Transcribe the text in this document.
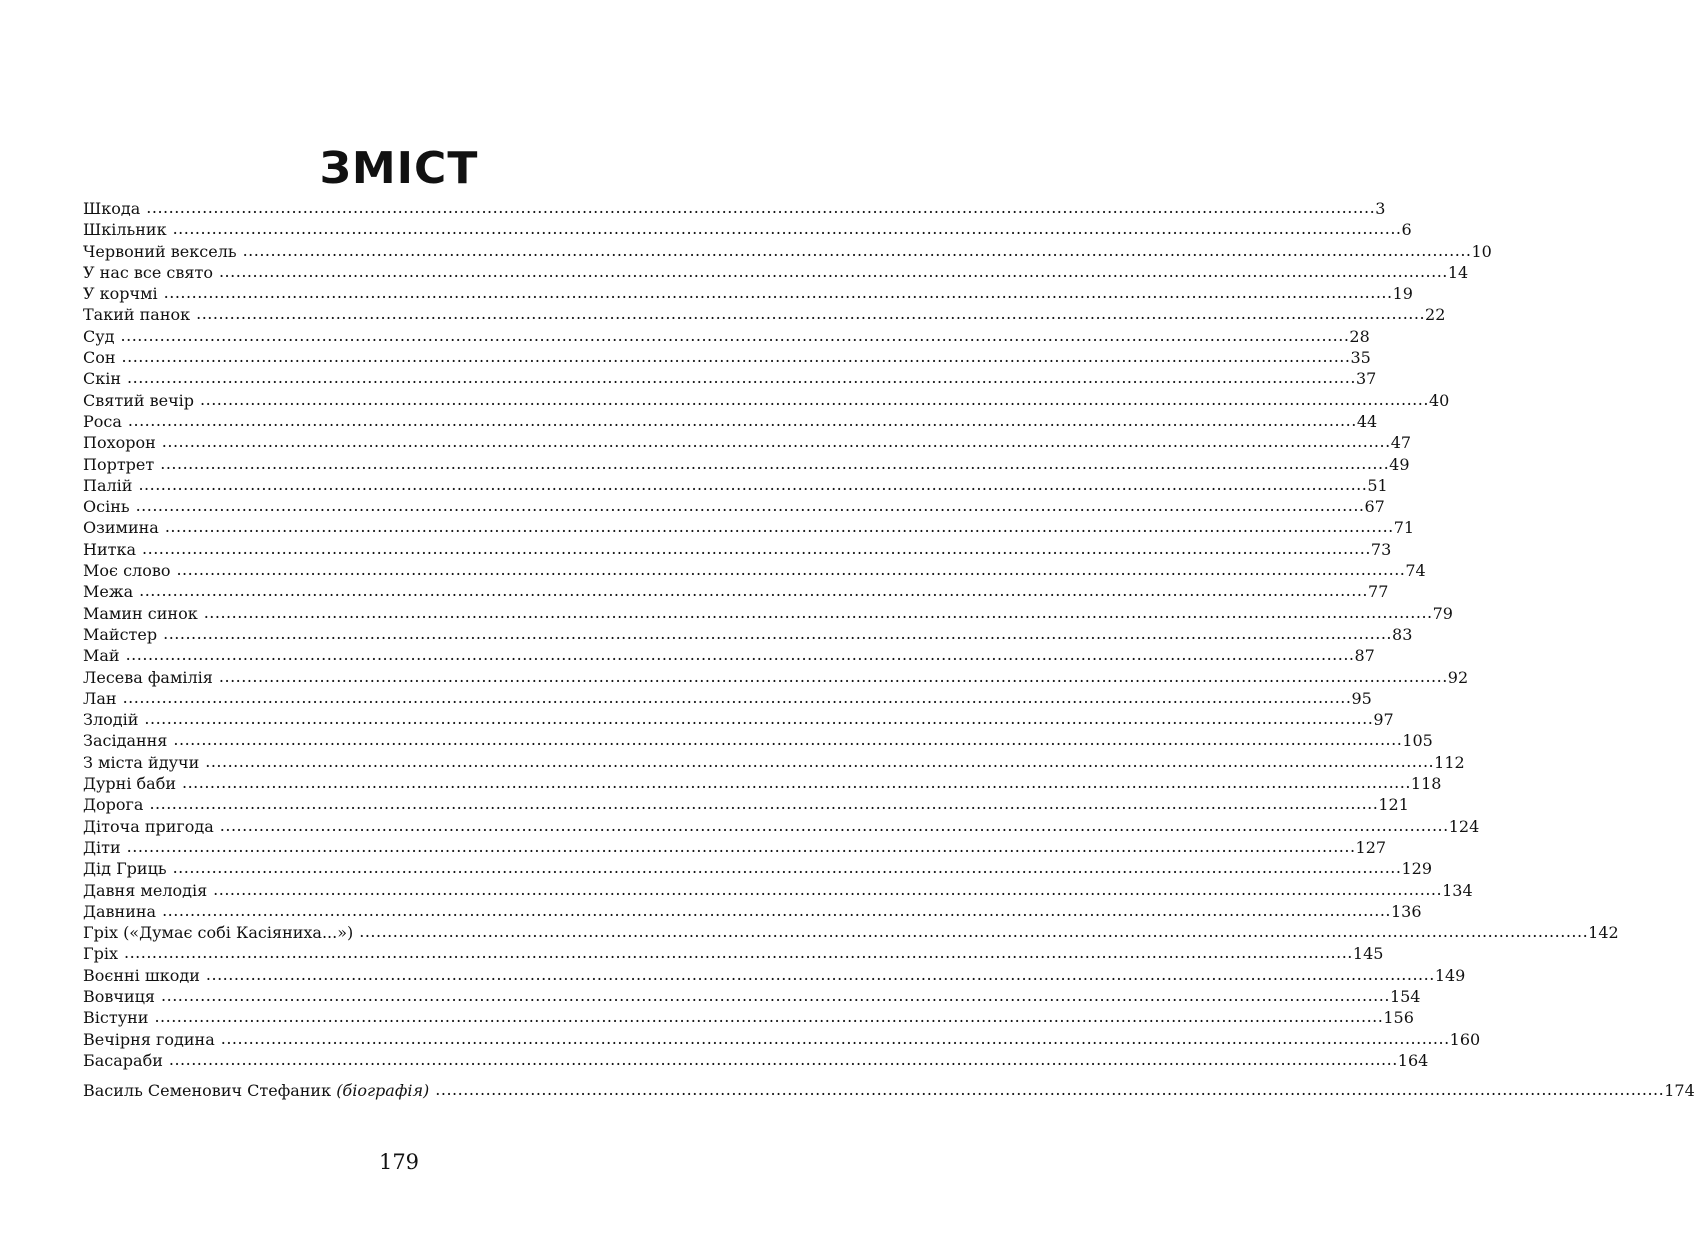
ЗМІСТ
Шкода ............................................................................................................................................................................................................................ 3
Шкільник ............................................................................................................................................................................................................................ 6
Червоний вексель ............................................................................................................................................................................................................................ 10
У нас все свято ............................................................................................................................................................................................................................ 14
У корчмі ............................................................................................................................................................................................................................ 19
Такий панок ............................................................................................................................................................................................................................ 22
Суд ............................................................................................................................................................................................................................ 28
Сон ............................................................................................................................................................................................................................ 35
Скін ............................................................................................................................................................................................................................ 37
Святий вечір ............................................................................................................................................................................................................................ 40
Роса ............................................................................................................................................................................................................................ 44
Похорон ............................................................................................................................................................................................................................ 47
Портрет ............................................................................................................................................................................................................................ 49
Палій ............................................................................................................................................................................................................................ 51
Осінь ............................................................................................................................................................................................................................ 67
Озимина ............................................................................................................................................................................................................................ 71
Нитка ............................................................................................................................................................................................................................ 73
Моє слово ............................................................................................................................................................................................................................ 74
Межа ............................................................................................................................................................................................................................ 77
Мамин синок ............................................................................................................................................................................................................................ 79
Майстер ............................................................................................................................................................................................................................ 83
Май ............................................................................................................................................................................................................................ 87
Лесева фамілія ............................................................................................................................................................................................................................ 92
Лан ............................................................................................................................................................................................................................ 95
Злодій ............................................................................................................................................................................................................................ 97
Засідання ............................................................................................................................................................................................................................ 105
З міста йдучи ............................................................................................................................................................................................................................ 112
Дурні баби ............................................................................................................................................................................................................................ 118
Дорога ............................................................................................................................................................................................................................ 121
Діточа пригода ............................................................................................................................................................................................................................ 124
Діти ............................................................................................................................................................................................................................ 127
Дід Гриць ............................................................................................................................................................................................................................ 129
Давня мелодія ............................................................................................................................................................................................................................ 134
Давнина ............................................................................................................................................................................................................................ 136
Гріх («Думає собі Касіяниха...») ............................................................................................................................................................................................................................ 142
Гріх ............................................................................................................................................................................................................................ 145
Воєнні шкоди ............................................................................................................................................................................................................................ 149
Вовчиця ............................................................................................................................................................................................................................ 154
Вістуни ............................................................................................................................................................................................................................ 156
Вечірня година ............................................................................................................................................................................................................................ 160
Басараби ............................................................................................................................................................................................................................ 164
Василь Семенович Стефаник (біографія) ............................................................................................................................................................................................................................ 174
179
